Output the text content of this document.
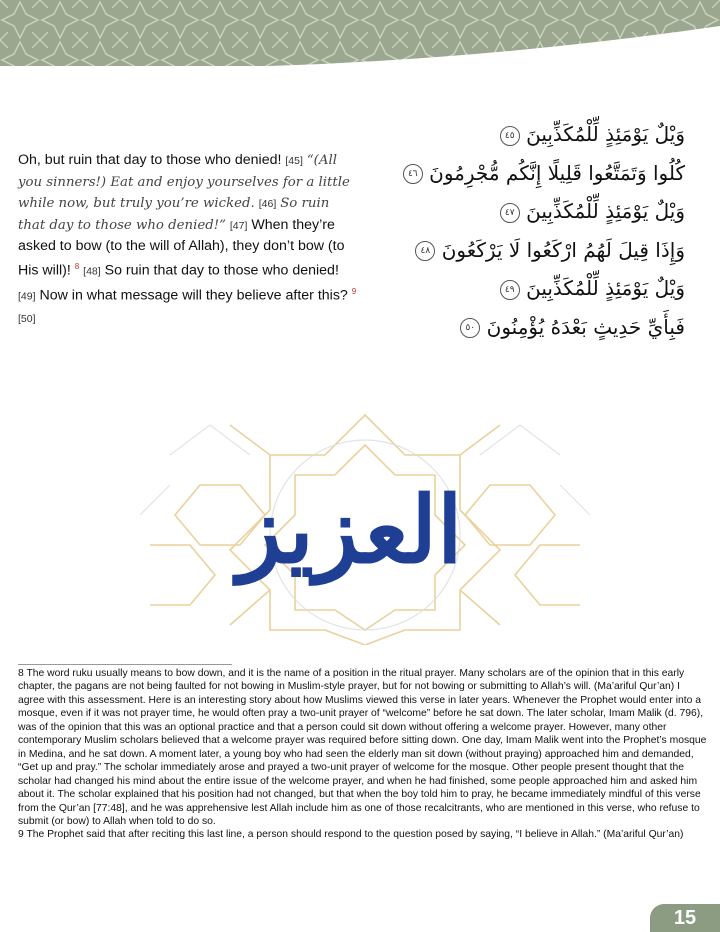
Oh, but ruin that day to those who denied! [45] “(All you sinners!) Eat and enjoy yourselves for a little while now, but truly you’re wicked. [46] So ruin that day to those who denied!” [47] When they’re asked to bow (to the will of Allah), they don’t bow (to His will)! $^8$ [48] So ruin that day to those who denied! [49] Now in what message will they believe after this? $^9$ [50]
وَيْلٌ يَوْمَئِذٍ لِّلْمُكَذِّبِينَ ٤٥
كُلُوا وَتَمَتَّعُوا قَلِيلًا إِنَّكُم مُّجْرِمُونَ ٤٦
وَيْلٌ يَوْمَئِذٍ لِّلْمُكَذِّبِينَ ٤٧
وَإِذَا قِيلَ لَهُمُ ارْكَعُوا لَا يَرْكَعُونَ ٤٨
وَيْلٌ يَوْمَئِذٍ لِّلْمُكَذِّبِينَ ٤٩
فَبِأَيِّ حَدِيثٍ بَعْدَهُ يُؤْمِنُونَ ٥٠
العزيز

8 The word ruku usually means to bow down, and it is the name of a position in the ritual prayer. Many scholars are of the opinion that in this early chapter, the pagans are not being faulted for not bowing in Muslim-style prayer, but for not bowing or submitting to Allah’s will. (Ma’ariful Qur’an) I agree with this assessment. Here is an interesting story about how Muslims viewed this verse in later years. Whenever the Prophet would enter into a mosque, even if it was not prayer time, he would often pray a two-unit prayer of “welcome” before he sat down. The later scholar, Imam Malik (d. 796), was of the opinion that this was an optional practice and that a person could sit down without offering a welcome prayer. However, many other contemporary Muslim scholars believed that a welcome prayer was required before sitting down. One day, Imam Malik went into the Prophet’s mosque in Medina, and he sat down. A moment later, a young boy who had seen the elderly man sit down (without praying) approached him and demanded, “Get up and pray.” The scholar immediately arose and prayed a two-unit prayer of welcome for the mosque. Other people present thought that the scholar had changed his mind about the entire issue of the welcome prayer, and when he had finished, some people approached him and asked him about it. The scholar explained that his position had not changed, but that when the boy told him to pray, he became immediately mindful of this verse from the Qur’an [77:48], and he was apprehensive lest Allah include him as one of those recalcitrants, who are mentioned in this verse, who refuse to submit (or bow) to Allah when told to do so.

9 The Prophet said that after reciting this last line, a person should respond to the question posed by saying, “I believe in Allah.” (Ma’ariful Qur’an)

15
